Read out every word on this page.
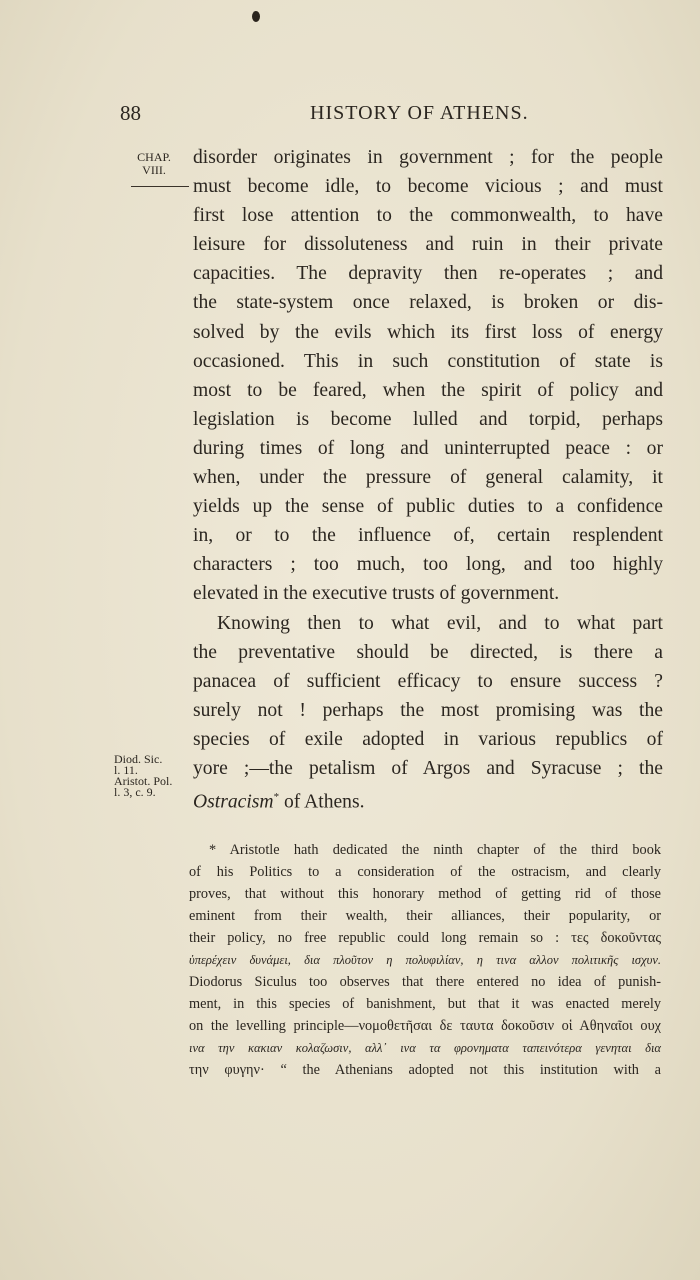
88	HISTORY OF ATHENS.
CHAP.
VIII.
disorder originates in government ; for the people
must become idle, to become vicious ; and must
first lose attention to the commonwealth, to have
leisure for dissoluteness and ruin in their private
capacities. The depravity then re-operates ; and
the state-system once relaxed, is broken or dis-
solved by the evils which its first loss of energy
occasioned. This in such constitution of state is
most to be feared, when the spirit of policy and
legislation is become lulled and torpid, perhaps
during times of long and uninterrupted peace : or
when, under the pressure of general calamity, it
yields up the sense of public duties to a confidence
in, or to the influence of, certain resplendent
characters ; too much, too long, and too highly
elevated in the executive trusts of government.
Knowing then to what evil, and to what part
the preventative should be directed, is there a
panacea of sufficient efficacy to ensure success ?
surely not ! perhaps the most promising was the
species of exile adopted in various republics of
yore ;—the petalism of Argos and Syracuse ; the
Ostracism* of Athens.
Diod. Sic.
l. 11.
Aristot. Pol.
l. 3, c. 9.
* Aristotle hath dedicated the ninth chapter of the third book
of his Politics to a consideration of the ostracism, and clearly
proves, that without this honorary method of getting rid of those
eminent from their wealth, their alliances, their popularity, or
their policy, no free republic could long remain so : τες δοκοῦντας
ὑπερέχειν δυνάμει, δια πλοῦτον η πολυφιλίαν, η τινα αλλον πολιτικῆς ισχυν.
Diodorus Siculus too observes that there entered no idea of punish-
ment, in this species of banishment, but that it was enacted merely
on the levelling principle—νομοθετῆσαι δε ταυτα δοκοῦσιν οἱ Αθηναῖοι ουχ
ινα την κακιαν κολαζωσιν, αλλ᾽ ινα τα φρονηματα ταπεινότερα γενηται δια
την φυγην· “ the Athenians adopted not this institution with a
